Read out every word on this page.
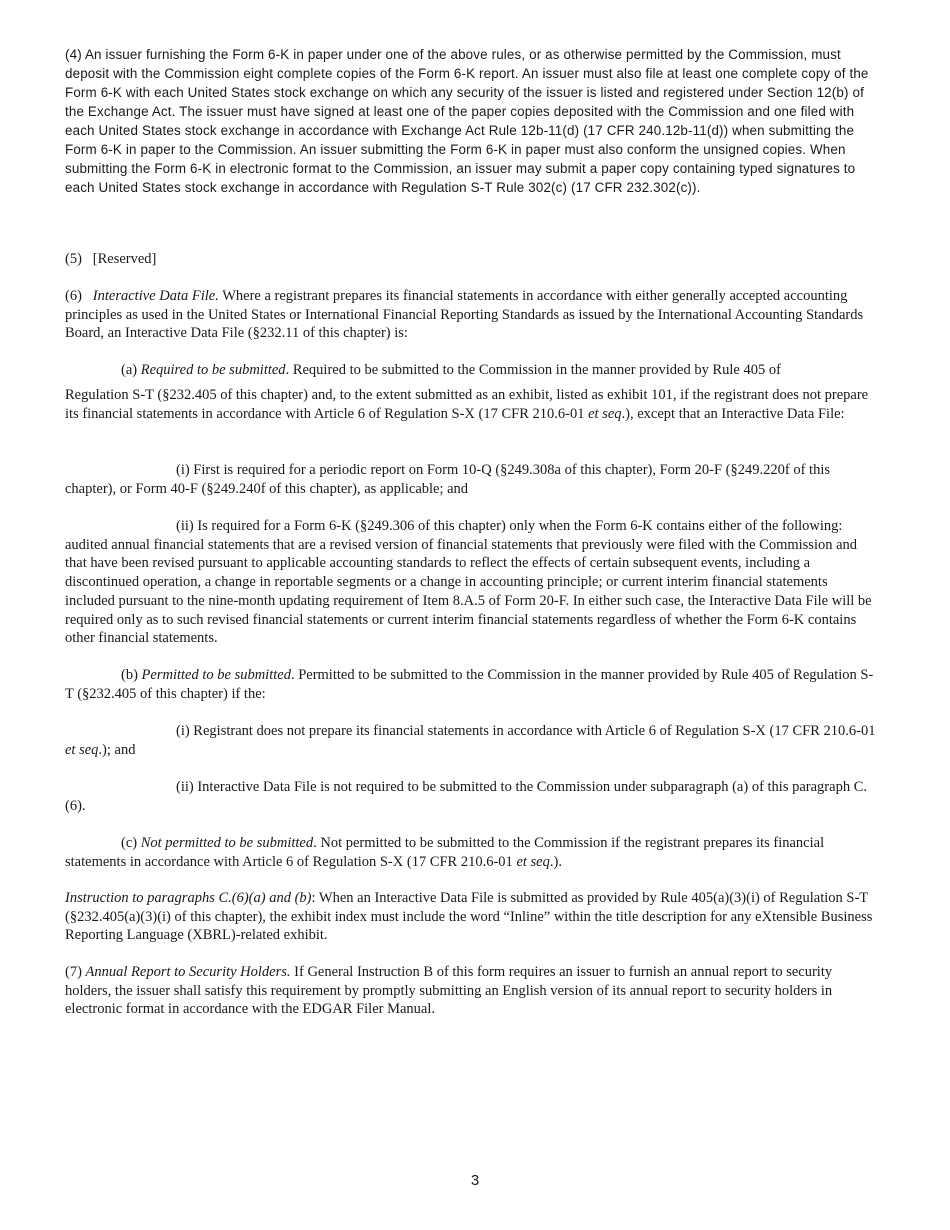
(4) An issuer furnishing the Form 6-K in paper under one of the above rules, or as otherwise permitted by the Commission, must deposit with the Commission eight complete copies of the Form 6-K report. An issuer must also file at least one complete copy of the Form 6-K with each United States stock exchange on which any security of the issuer is listed and registered under Section 12(b) of the Exchange Act. The issuer must have signed at least one of the paper copies deposited with the Commission and one filed with each United States stock exchange in accordance with Exchange Act Rule 12b-11(d) (17 CFR 240.12b-11(d)) when submitting the Form 6-K in paper to the Commission. An issuer submitting the Form 6-K in paper must also conform the unsigned copies. When submitting the Form 6-K in electronic format to the Commission, an issuer may submit a paper copy containing typed signatures to each United States stock exchange in accordance with Regulation S-T Rule 302(c) (17 CFR 232.302(c)).

(5)   [Reserved]

(6)   Interactive Data File. Where a registrant prepares its financial statements in accordance with either generally accepted accounting principles as used in the United States or International Financial Reporting Standards as issued by the International Accounting Standards Board, an Interactive Data File (§232.11 of this chapter) is:

(a) Required to be submitted. Required to be submitted to the Commission in the manner provided by Rule 405 of

Regulation S-T (§232.405 of this chapter) and, to the extent submitted as an exhibit, listed as exhibit 101, if the registrant does not prepare its financial statements in accordance with Article 6 of Regulation S-X (17 CFR 210.6-01 et seq.), except that an Interactive Data File:

(i) First is required for a periodic report on Form 10-Q (§249.308a of this chapter), Form 20-F (§249.220f of this chapter), or Form 40-F (§249.240f of this chapter), as applicable; and

(ii) Is required for a Form 6-K (§249.306 of this chapter) only when the Form 6-K contains either of the following: audited annual financial statements that are a revised version of financial statements that previously were filed with the Commission and that have been revised pursuant to applicable accounting standards to reflect the effects of certain subsequent events, including a discontinued operation, a change in reportable segments or a change in accounting principle; or current interim financial statements included pursuant to the nine-month updating requirement of Item 8.A.5 of Form 20-F. In either such case, the Interactive Data File will be required only as to such revised financial statements or current interim financial statements regardless of whether the Form 6-K contains other financial statements.

(b) Permitted to be submitted. Permitted to be submitted to the Commission in the manner provided by Rule 405 of Regulation S-T (§232.405 of this chapter) if the:

(i) Registrant does not prepare its financial statements in accordance with Article 6 of Regulation S-X (17 CFR 210.6-01 et seq.); and

(ii) Interactive Data File is not required to be submitted to the Commission under subparagraph (a) of this paragraph C.(6).

(c) Not permitted to be submitted. Not permitted to be submitted to the Commission if the registrant prepares its financial statements in accordance with Article 6 of Regulation S-X (17 CFR 210.6-01 et seq.).

Instruction to paragraphs C.(6)(a) and (b): When an Interactive Data File is submitted as provided by Rule 405(a)(3)(i) of Regulation S-T (§232.405(a)(3)(i) of this chapter), the exhibit index must include the word “Inline” within the title description for any eXtensible Business Reporting Language (XBRL)-related exhibit.

(7) Annual Report to Security Holders. If General Instruction B of this form requires an issuer to furnish an annual report to security holders, the issuer shall satisfy this requirement by promptly submitting an English version of its annual report to security holders in electronic format in accordance with the EDGAR Filer Manual.

3
